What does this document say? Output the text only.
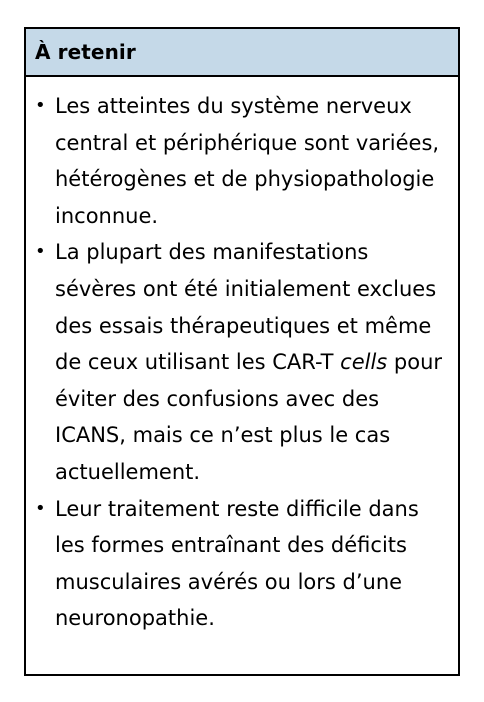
À retenir
• Les atteintes du système nerveux central et périphérique sont variées, hétérogènes et de physiopathologie inconnue.
• La plupart des manifestations sévères ont été initialement exclues des essais thérapeutiques et même de ceux utilisant les CAR-T cells pour éviter des confusions avec des ICANS, mais ce n’est plus le cas actuellement.
• Leur traitement reste difficile dans les formes entraînant des déficits musculaires avérés ou lors d’une neuronopathie.
